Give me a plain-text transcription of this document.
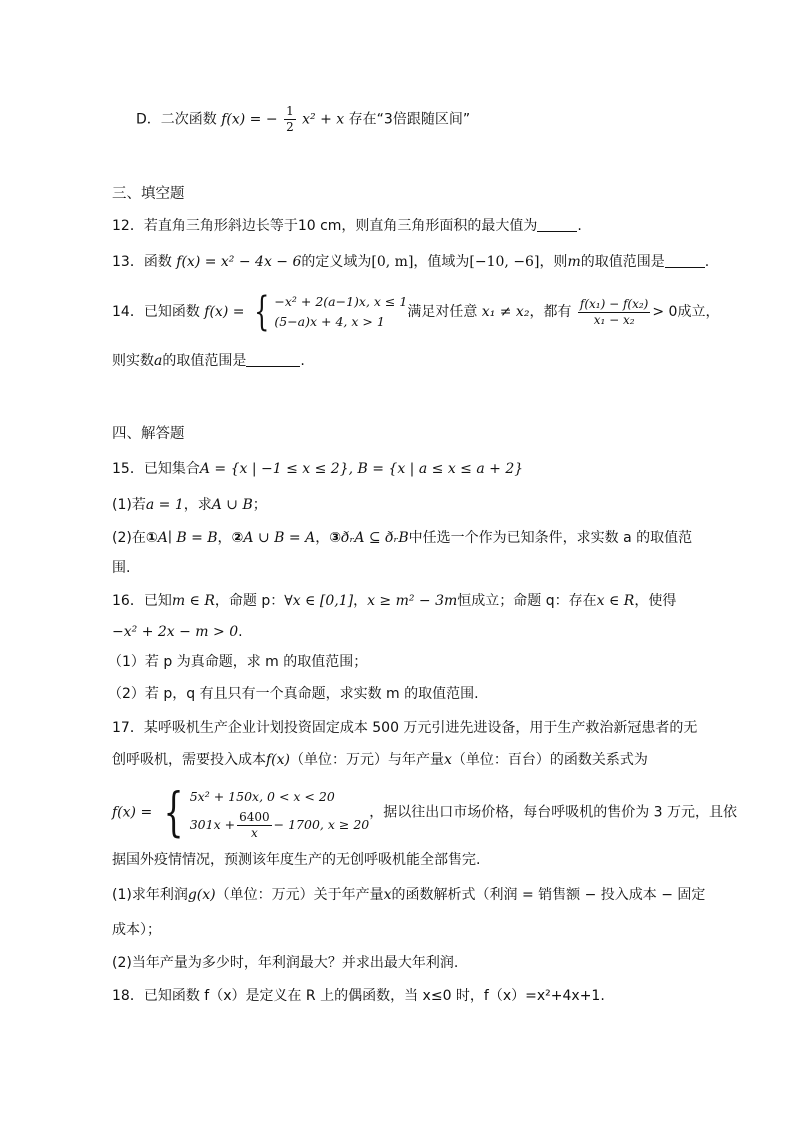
D．二次函数 f(x) = − $\frac{1}{2} x^2 + x$ 存在“3倍跟随区间”
三、填空题
12．若直角三角形斜边长等于10 cm，则直角三角形面积的最大值为	.
13．函数 f(x) = x² − 4x − 6的定义域为[0, m]，值域为[−10, −6]，则m的取值范围是	.
14．已知函数 f(x) = { −x² + 2(a−1)x, x ≤ 1
(5−a)x + 4, x > 1
满足对任意 x₁ ≠ x₂，都有 $\frac{\text{f(x₁) − f(x₂)}}{\text{x₁ − x₂}} > 0$成立，
则实数a的取值范围是	.
四、解答题
15．已知集合A = {x | −1 ≤ x ≤ 2}, B = {x | a ≤ x ≤ a + 2}
(1)若a = 1，求A ∪ B；
(2)在①A∣ B = B，②A ∪ B = A，③ðᵣA ⊆ ðᵣB中任选一个作为已知条件，求实数 a 的取值范
围.
16．已知m ∈ R，命题 p：∀x ∈ [0,1]，x ≥ m² − 3m恒成立；命题 q：存在x ∈ R，使得
−x² + 2x − m > 0.
（1）若 p 为真命题，求 m 的取值范围；
（2）若 p，q 有且只有一个真命题，求实数 m 的取值范围.
17．某呼吸机生产企业计划投资固定成本 500 万元引进先进设备，用于生产救治新冠患者的无
创呼吸机，需要投入成本f(x)（单位：万元）与年产量x（单位：百台）的函数关系式为
f(x) = { 5x² + 150x, 0 < x < 20
$301x + \frac{6400}{x} - 1700$, x ≥ 20
，据以往出口市场价格，每台呼吸机的售价为 3 万元，且依
据国外疫情情况，预测该年度生产的无创呼吸机能全部售完.
(1)求年利润g(x)（单位：万元）关于年产量x的函数解析式（利润 = 销售额 − 投入成本 − 固定
成本）；
(2)当年产量为多少时，年利润最大？并求出最大年利润.
18．已知函数 f（x）是定义在 R 上的偶函数，当 x≤0 时，f（x）=x²+4x+1.
